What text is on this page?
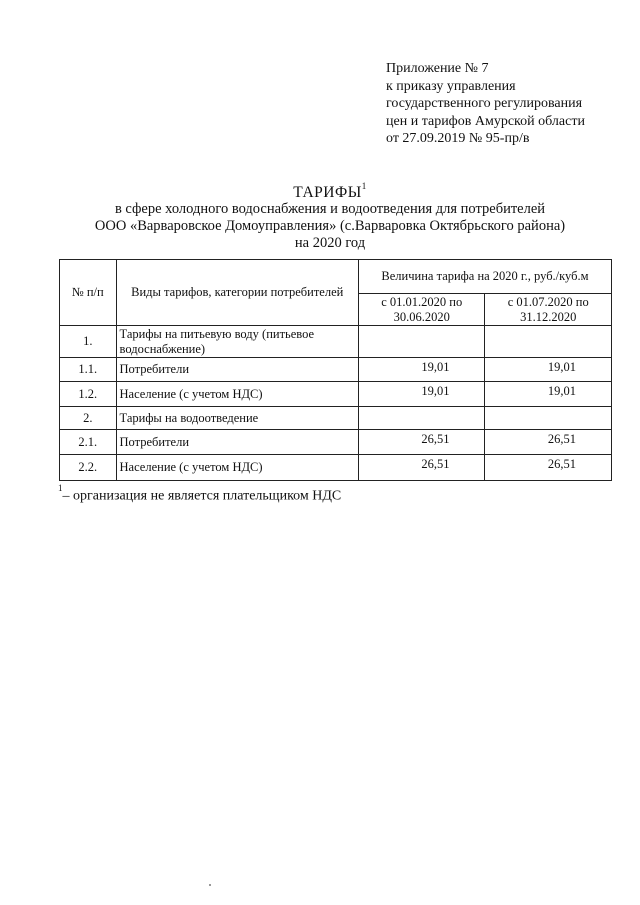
Приложение № 7
к приказу управления
государственного регулирования
цен и тарифов Амурской области
от 27.09.2019 № 95-пр/в
ТАРИФЫ$^1$
в сфере холодного водоснабжения и водоотведения для потребителей
ООО «Варваровское Домоуправления» (с.Варваровка Октябрьского района)
на 2020 год
№ п/п	Виды тарифов, категории потребителей	Величина тарифа на 2020 г., руб./куб.м	
		с 01.01.2020 по 30.06.2020	с 01.07.2020 по 31.12.2020
1.	Тарифы на питьевую воду (питьевое водоснабжение)		
1.1.	Потребители	19,01	19,01
1.2.	Население (с учетом НДС)	19,01	19,01
2.	Тарифы на водоотведение		
2.1.	Потребители	26,51	26,51
2.2.	Население (с учетом НДС)	26,51	26,51
$^1$– организация не является плательщиком НДС
